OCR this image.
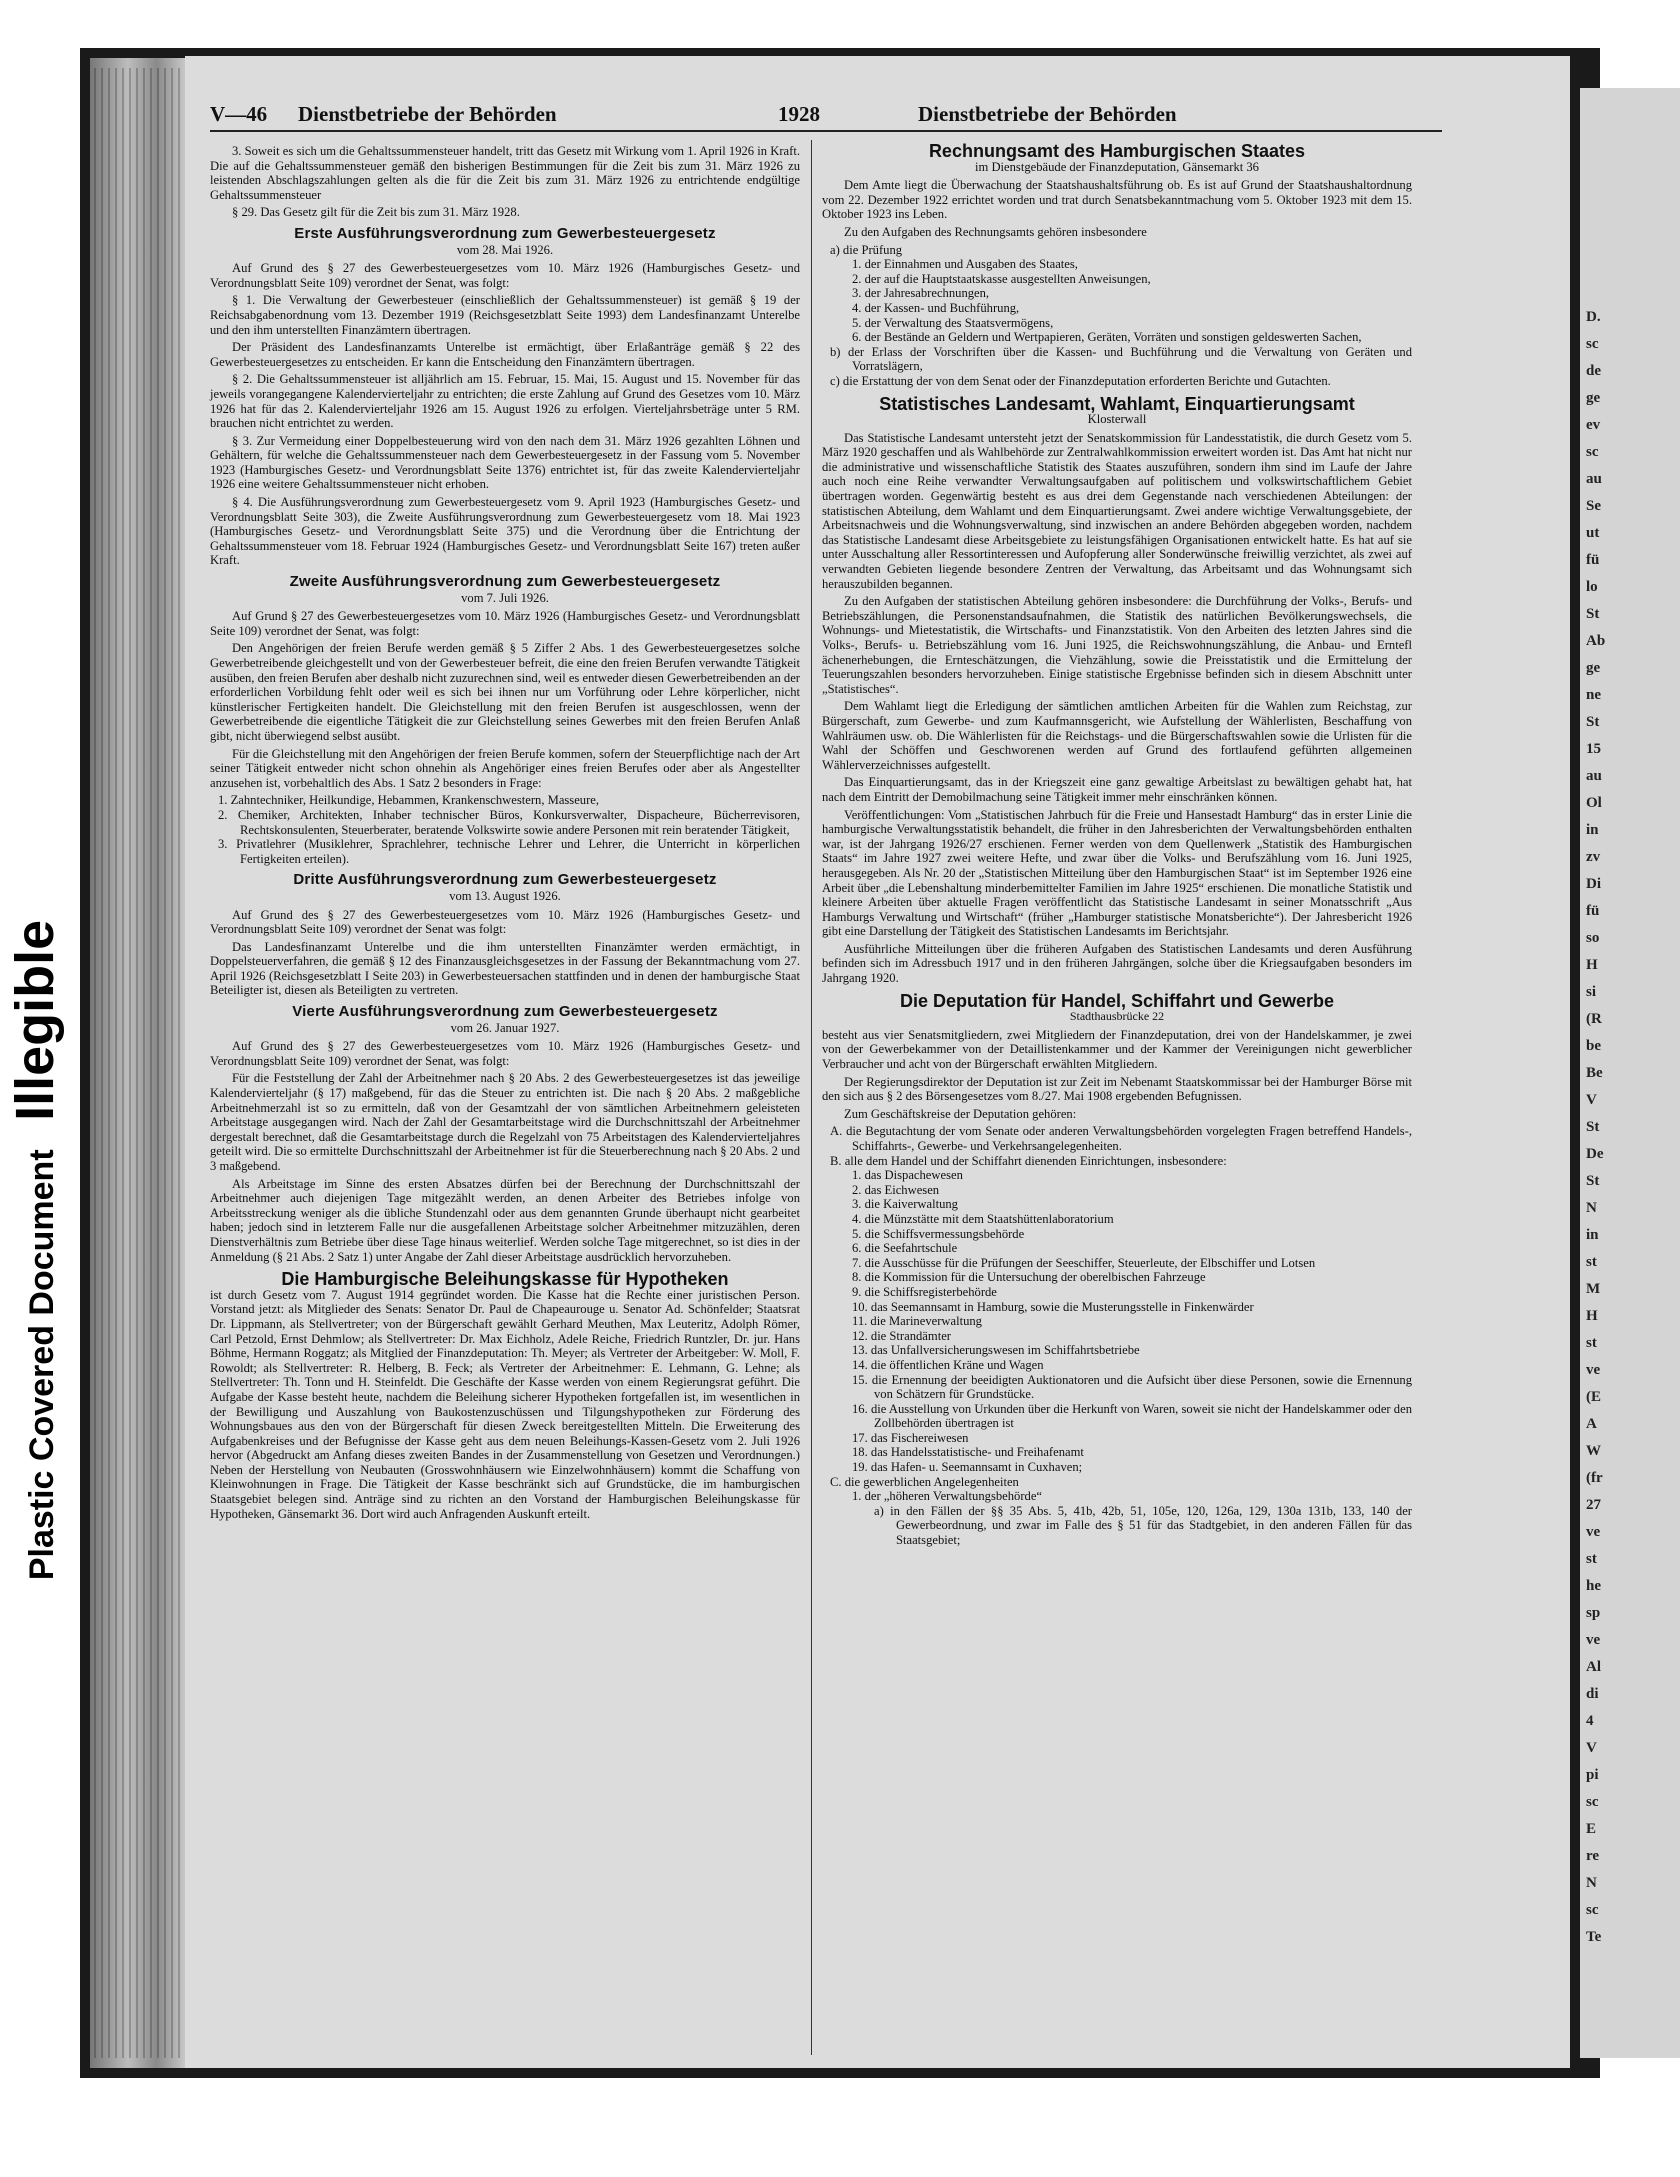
Plastic Covered Document Illegible
D.
sc
de
ge
ev
sc
au
Se
ut
fü
lo
St
Ab
ge
ne
St
15
au
Ol
in
zv
Di
fü
so
H
si
(R
be
Be
V
St
De
St
N
in
st
M
H
st
ve
(E
A
W
(fr
27
ve
st
he
sp
ve
Al
di
4
V
pi
sc
E
re
N
sc
Te
V—46 Dienstbetriebe der Behörden	1928	Dienstbetriebe der Behörden

3. Soweit es sich um die Gehaltssummensteuer handelt, tritt das Gesetz mit Wirkung vom 1. April 1926 in Kraft. Die auf die Gehaltssummensteuer gemäß den bisherigen Bestimmungen für die Zeit bis zum 31. März 1926 zu leistenden Abschlagszahlungen gelten als die für die Zeit bis zum 31. März 1926 zu entrichtende endgültige Gehaltssummensteuer

§ 29. Das Gesetz gilt für die Zeit bis zum 31. März 1928.

Erste Ausführungsverordnung zum Gewerbesteuergesetz
vom 28. Mai 1926.

Auf Grund des § 27 des Gewerbesteuergesetzes vom 10. März 1926 (Hamburgisches Gesetz- und Verordnungsblatt Seite 109) verordnet der Senat, was folgt:

§ 1. Die Verwaltung der Gewerbesteuer (einschließlich der Gehaltssummensteuer) ist gemäß § 19 der Reichsabgabenordnung vom 13. Dezember 1919 (Reichsgesetzblatt Seite 1993) dem Landesfinanzamt Unterelbe und den ihm unterstellten Finanzämtern übertragen.

Der Präsident des Landesfinanzamts Unterelbe ist ermächtigt, über Erlaßanträge gemäß § 22 des Gewerbesteuergesetzes zu entscheiden. Er kann die Entscheidung den Finanzämtern übertragen.

§ 2. Die Gehaltssummensteuer ist alljährlich am 15. Februar, 15. Mai, 15. August und 15. November für das jeweils vorangegangene Kalendervierteljahr zu entrichten; die erste Zahlung auf Grund des Gesetzes vom 10. März 1926 hat für das 2. Kalendervierteljahr 1926 am 15. August 1926 zu erfolgen. Vierteljahrsbeträge unter 5 RM. brauchen nicht entrichtet zu werden.

§ 3. Zur Vermeidung einer Doppelbesteuerung wird von den nach dem 31. März 1926 gezahlten Löhnen und Gehältern, für welche die Gehaltssummensteuer nach dem Gewerbesteuergesetz in der Fassung vom 5. November 1923 (Hamburgisches Gesetz- und Verordnungsblatt Seite 1376) entrichtet ist, für das zweite Kalendervierteljahr 1926 eine weitere Gehaltssummensteuer nicht erhoben.

§ 4. Die Ausführungsverordnung zum Gewerbesteuergesetz vom 9. April 1923 (Hamburgisches Gesetz- und Verordnungsblatt Seite 303), die Zweite Ausführungsverordnung zum Gewerbesteuergesetz vom 18. Mai 1923 (Hamburgisches Gesetz- und Verordnungsblatt Seite 375) und die Verordnung über die Entrichtung der Gehaltssummensteuer vom 18. Februar 1924 (Hamburgisches Gesetz- und Verordnungsblatt Seite 167) treten außer Kraft.

Zweite Ausführungsverordnung zum Gewerbesteuergesetz
vom 7. Juli 1926.

Auf Grund § 27 des Gewerbesteuergesetzes vom 10. März 1926 (Hamburgisches Gesetz- und Verordnungsblatt Seite 109) verordnet der Senat, was folgt:

Den Angehörigen der freien Berufe werden gemäß § 5 Ziffer 2 Abs. 1 des Gewerbesteuergesetzes solche Gewerbetreibende gleichgestellt und von der Gewerbesteuer befreit, die eine den freien Berufen verwandte Tätigkeit ausüben, den freien Berufen aber deshalb nicht zuzurechnen sind, weil es entweder diesen Gewerbetreibenden an der erforderlichen Vorbildung fehlt oder weil es sich bei ihnen nur um Vorführung oder Lehre körperlicher, nicht künstlerischer Fertigkeiten handelt. Die Gleichstellung mit den freien Berufen ist ausgeschlossen, wenn der Gewerbetreibende die eigentliche Tätigkeit die zur Gleichstellung seines Gewerbes mit den freien Berufen Anlaß gibt, nicht überwiegend selbst ausübt.

Für die Gleichstellung mit den Angehörigen der freien Berufe kommen, sofern der Steuerpflichtige nach der Art seiner Tätigkeit entweder nicht schon ohnehin als Angehöriger eines freien Berufes oder aber als Angestellter anzusehen ist, vorbehaltlich des Abs. 1 Satz 2 besonders in Frage:

1. Zahntechniker, Heilkundige, Hebammen, Krankenschwestern, Masseure,
2. Chemiker, Architekten, Inhaber technischer Büros, Konkursverwalter, Dispacheure, Bücherrevisoren, Rechtskonsulenten, Steuerberater, beratende Volkswirte sowie andere Personen mit rein beratender Tätigkeit,
3. Privatlehrer (Musiklehrer, Sprachlehrer, technische Lehrer und Lehrer, die Unterricht in körperlichen Fertigkeiten erteilen).
Dritte Ausführungsverordnung zum Gewerbesteuergesetz
vom 13. August 1926.

Auf Grund des § 27 des Gewerbesteuergesetzes vom 10. März 1926 (Hamburgisches Gesetz- und Verordnungsblatt Seite 109) verordnet der Senat was folgt:

Das Landesfinanzamt Unterelbe und die ihm unterstellten Finanzämter werden ermächtigt, in Doppelsteuerverfahren, die gemäß § 12 des Finanzausgleichsgesetzes in der Fassung der Bekanntmachung vom 27. April 1926 (Reichsgesetzblatt I Seite 203) in Gewerbesteuersachen stattfinden und in denen der hamburgische Staat Beteiligter ist, diesen als Beteiligten zu vertreten.

Vierte Ausführungsverordnung zum Gewerbesteuergesetz
vom 26. Januar 1927.

Auf Grund des § 27 des Gewerbesteuergesetzes vom 10. März 1926 (Hamburgisches Gesetz- und Verordnungsblatt Seite 109) verordnet der Senat, was folgt:

Für die Feststellung der Zahl der Arbeitnehmer nach § 20 Abs. 2 des Gewerbesteuergesetzes ist das jeweilige Kalendervierteljahr (§ 17) maßgebend, für das die Steuer zu entrichten ist. Die nach § 20 Abs. 2 maßgebliche Arbeitnehmerzahl ist so zu ermitteln, daß von der Gesamtzahl der von sämtlichen Arbeitnehmern geleisteten Arbeitstage ausgegangen wird. Nach der Zahl der Gesamtarbeitstage wird die Durchschnittszahl der Arbeitnehmer dergestalt berechnet, daß die Gesamtarbeitstage durch die Regelzahl von 75 Arbeitstagen des Kalendervierteljahres geteilt wird. Die so ermittelte Durchschnittszahl der Arbeitnehmer ist für die Steuerberechnung nach § 20 Abs. 2 und 3 maßgebend.

Als Arbeitstage im Sinne des ersten Absatzes dürfen bei der Berechnung der Durchschnittszahl der Arbeitnehmer auch diejenigen Tage mitgezählt werden, an denen Arbeiter des Betriebes infolge von Arbeitsstreckung weniger als die übliche Stundenzahl oder aus dem genannten Grunde überhaupt nicht gearbeitet haben; jedoch sind in letzterem Falle nur die ausgefallenen Arbeitstage solcher Arbeitnehmer mitzuzählen, deren Dienstverhältnis zum Betriebe über diese Tage hinaus weiterlief. Werden solche Tage mitgerechnet, so ist dies in der Anmeldung (§ 21 Abs. 2 Satz 1) unter Angabe der Zahl dieser Arbeitstage ausdrücklich hervorzuheben.

Die Hamburgische Beleihungskasse für Hypotheken

ist durch Gesetz vom 7. August 1914 gegründet worden. Die Kasse hat die Rechte einer juristischen Person. Vorstand jetzt: als Mitglieder des Senats: Senator Dr. Paul de Chapeaurouge u. Senator Ad. Schönfelder; Staatsrat Dr. Lippmann, als Stellvertreter; von der Bürgerschaft gewählt Gerhard Meuthen, Max Leuteritz, Adolph Römer, Carl Petzold, Ernst Dehmlow; als Stellvertreter: Dr. Max Eichholz, Adele Reiche, Friedrich Runtzler, Dr. jur. Hans Böhme, Hermann Roggatz; als Mitglied der Finanzdeputation: Th. Meyer; als Vertreter der Arbeitgeber: W. Moll, F. Rowoldt; als Stellvertreter: R. Helberg, B. Feck; als Vertreter der Arbeitnehmer: E. Lehmann, G. Lehne; als Stellvertreter: Th. Tonn und H. Steinfeldt. Die Geschäfte der Kasse werden von einem Regierungsrat geführt. Die Aufgabe der Kasse besteht heute, nachdem die Beleihung sicherer Hypotheken fortgefallen ist, im wesentlichen in der Bewilligung und Auszahlung von Baukostenzuschüssen und Tilgungshypotheken zur Förderung des Wohnungsbaues aus den von der Bürgerschaft für diesen Zweck bereitgestellten Mitteln. Die Erweiterung des Aufgabenkreises und der Befugnisse der Kasse geht aus dem neuen Beleihungs-Kassen-Gesetz vom 2. Juli 1926 hervor (Abgedruckt am Anfang dieses zweiten Bandes in der Zusammenstellung von Gesetzen und Verordnungen.) Neben der Herstellung von Neubauten (Grosswohnhäusern wie Einzelwohnhäusern) kommt die Schaffung von Kleinwohnungen in Frage. Die Tätigkeit der Kasse beschränkt sich auf Grundstücke, die im hamburgischen Staatsgebiet belegen sind. Anträge sind zu richten an den Vorstand der Hamburgischen Beleihungskasse für Hypotheken, Gänsemarkt 36. Dort wird auch Anfragenden Auskunft erteilt.

Rechnungsamt des Hamburgischen Staates
im Dienstgebäude der Finanzdeputation, Gänsemarkt 36

Dem Amte liegt die Überwachung der Staatshaushaltsführung ob. Es ist auf Grund der Staatshaushaltordnung vom 22. Dezember 1922 errichtet worden und trat durch Senatsbekanntmachung vom 5. Oktober 1923 mit dem 15. Oktober 1923 ins Leben.

Zu den Aufgaben des Rechnungsamts gehören insbesondere

a) die Prüfung
1. der Einnahmen und Ausgaben des Staates,
2. der auf die Hauptstaatskasse ausgestellten Anweisungen,
3. der Jahresabrechnungen,
4. der Kassen- und Buchführung,
5. der Verwaltung des Staatsvermögens,
6. der Bestände an Geldern und Wertpapieren, Geräten, Vorräten und sonstigen geldeswerten Sachen,
b) der Erlass der Vorschriften über die Kassen- und Buchführung und die Verwaltung von Geräten und Vorratslägern,
c) die Erstattung der von dem Senat oder der Finanzdeputation erforderten Berichte und Gutachten.
Statistisches Landesamt, Wahlamt, Einquartierungsamt
Klosterwall

Das Statistische Landesamt untersteht jetzt der Senatskommission für Landesstatistik, die durch Gesetz vom 5. März 1920 geschaffen und als Wahlbehörde zur Zentralwahlkommission erweitert worden ist. Das Amt hat nicht nur die administrative und wissenschaftliche Statistik des Staates auszuführen, sondern ihm sind im Laufe der Jahre auch noch eine Reihe verwandter Verwaltungsaufgaben auf politischem und volkswirtschaftlichem Gebiet übertragen worden. Gegenwärtig besteht es aus drei dem Gegenstande nach verschiedenen Abteilungen: der statistischen Abteilung, dem Wahlamt und dem Einquartierungsamt. Zwei andere wichtige Verwaltungsgebiete, der Arbeitsnachweis und die Wohnungsverwaltung, sind inzwischen an andere Behörden abgegeben worden, nachdem das Statistische Landesamt diese Arbeitsgebiete zu leistungsfähigen Organisationen entwickelt hatte. Es hat auf sie unter Ausschaltung aller Ressortinteressen und Aufopferung aller Sonderwünsche freiwillig verzichtet, als zwei auf verwandten Gebieten liegende besondere Zentren der Verwaltung, das Arbeitsamt und das Wohnungsamt sich herauszubilden begannen.

Zu den Aufgaben der statistischen Abteilung gehören insbesondere: die Durchführung der Volks-, Berufs- und Betriebszählungen, die Personenstandsaufnahmen, die Statistik des natürlichen Bevölkerungswechsels, die Wohnungs- und Mietestatistik, die Wirtschafts- und Finanzstatistik. Von den Arbeiten des letzten Jahres sind die Volks-, Berufs- u. Betriebszählung vom 16. Juni 1925, die Reichswohnungszählung, die Anbau- und Erntefl ächenerhebungen, die Ernteschätzungen, die Viehzählung, sowie die Preisstatistik und die Ermittelung der Teuerungszahlen besonders hervorzuheben. Einige statistische Ergebnisse befinden sich in diesem Abschnitt unter „Statistisches“.

Dem Wahlamt liegt die Erledigung der sämtlichen amtlichen Arbeiten für die Wahlen zum Reichstag, zur Bürgerschaft, zum Gewerbe- und zum Kaufmannsgericht, wie Aufstellung der Wählerlisten, Beschaffung von Wahlräumen usw. ob. Die Wählerlisten für die Reichstags- und die Bürgerschaftswahlen sowie die Urlisten für die Wahl der Schöffen und Geschworenen werden auf Grund des fortlaufend geführten allgemeinen Wählerverzeichnisses aufgestellt.

Das Einquartierungsamt, das in der Kriegszeit eine ganz gewaltige Arbeitslast zu bewältigen gehabt hat, hat nach dem Eintritt der Demobilmachung seine Tätigkeit immer mehr einschränken können.

Veröffentlichungen: Vom „Statistischen Jahrbuch für die Freie und Hansestadt Hamburg“ das in erster Linie die hamburgische Verwaltungsstatistik behandelt, die früher in den Jahresberichten der Verwaltungsbehörden enthalten war, ist der Jahrgang 1926/27 erschienen. Ferner werden von dem Quellenwerk „Statistik des Hamburgischen Staats“ im Jahre 1927 zwei weitere Hefte, und zwar über die Volks- und Berufszählung vom 16. Juni 1925, herausgegeben. Als Nr. 20 der „Statistischen Mitteilung über den Hamburgischen Staat“ ist im September 1926 eine Arbeit über „die Lebenshaltung minderbemittelter Familien im Jahre 1925“ erschienen. Die monatliche Statistik und kleinere Arbeiten über aktuelle Fragen veröffentlicht das Statistische Landesamt in seiner Monatsschrift „Aus Hamburgs Verwaltung und Wirtschaft“ (früher „Hamburger statistische Monatsberichte“). Der Jahresbericht 1926 gibt eine Darstellung der Tätigkeit des Statistischen Landesamts im Berichtsjahr.

Ausführliche Mitteilungen über die früheren Aufgaben des Statistischen Landesamts und deren Ausführung befinden sich im Adressbuch 1917 und in den früheren Jahrgängen, solche über die Kriegsaufgaben besonders im Jahrgang 1920.

Die Deputation für Handel, Schiffahrt und Gewerbe
Stadthausbrücke 22

besteht aus vier Senatsmitgliedern, zwei Mitgliedern der Finanzdeputation, drei von der Handelskammer, je zwei von der Gewerbekammer von der Detaillistenkammer und der Kammer der Vereinigungen nicht gewerblicher Verbraucher und acht von der Bürgerschaft erwählten Mitgliedern.

Der Regierungsdirektor der Deputation ist zur Zeit im Nebenamt Staatskommissar bei der Hamburger Börse mit den sich aus § 2 des Börsengesetzes vom 8./27. Mai 1908 ergebenden Befugnissen.

Zum Geschäftskreise der Deputation gehören:

A. die Begutachtung der vom Senate oder anderen Verwaltungsbehörden vorgelegten Fragen betreffend Handels-, Schiffahrts-, Gewerbe- und Verkehrsangelegenheiten.
B. alle dem Handel und der Schiffahrt dienenden Einrichtungen, insbesondere:
1. das Dispachewesen
2. das Eichwesen
3. die Kaiverwaltung
4. die Münzstätte mit dem Staatshüttenlaboratorium
5. die Schiffsvermessungsbehörde
6. die Seefahrtschule
7. die Ausschüsse für die Prüfungen der Seeschiffer, Steuerleute, der Elbschiffer und Lotsen
8. die Kommission für die Untersuchung der oberelbischen Fahrzeuge
9. die Schiffsregisterbehörde
10. das Seemannsamt in Hamburg, sowie die Musterungsstelle in Finkenwärder
11. die Marineverwaltung
12. die Strandämter
13. das Unfallversicherungswesen im Schiffahrtsbetriebe
14. die öffentlichen Kräne und Wagen
15. die Ernennung der beeidigten Auktionatoren und die Aufsicht über diese Personen, sowie die Ernennung von Schätzern für Grundstücke.
16. die Ausstellung von Urkunden über die Herkunft von Waren, soweit sie nicht der Handelskammer oder den Zollbehörden übertragen ist
17. das Fischereiwesen
18. das Handelsstatistische- und Freihafenamt
19. das Hafen- u. Seemannsamt in Cuxhaven;
C. die gewerblichen Angelegenheiten
1. der „höheren Verwaltungsbehörde“
a) in den Fällen der §§ 35 Abs. 5, 41b, 42b, 51, 105e, 120, 126a, 129, 130a 131b, 133, 140 der Gewerbeordnung, und zwar im Falle des § 51 für das Stadtgebiet, in den anderen Fällen für das Staatsgebiet;
